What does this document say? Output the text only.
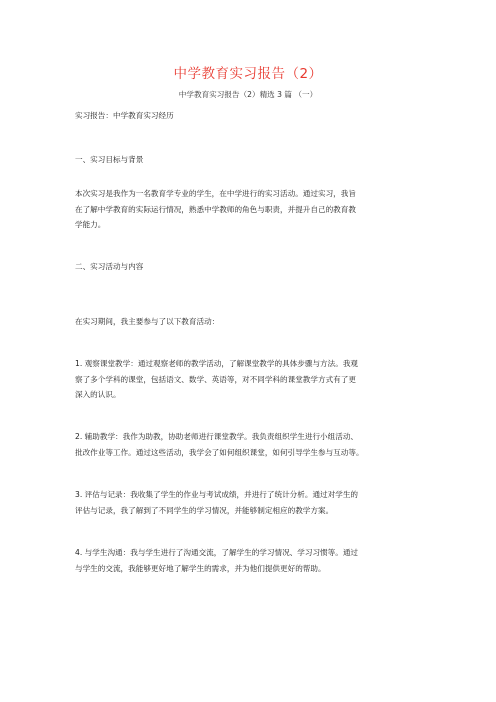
中学教育实习报告（2）
中学教育实习报告（2）精选 3 篇 （一）
实习报告：中学教育实习经历
一、实习目标与背景
本次实习是我作为一名教育学专业的学生，在中学进行的实习活动。通过实习，我旨
在了解中学教育的实际运行情况，熟悉中学教师的角色与职责，并提升自己的教育教
学能力。
二、实习活动与内容
在实习期间，我主要参与了以下教育活动：
1. 观察课堂教学：通过观察老师的教学活动，了解课堂教学的具体步骤与方法。我观
察了多个学科的课堂，包括语文、数学、英语等，对不同学科的课堂教学方式有了更
深入的认识。
2. 辅助教学：我作为助教，协助老师进行课堂教学。我负责组织学生进行小组活动、
批改作业等工作。通过这些活动，我学会了如何组织课堂，如何引导学生参与互动等。
3. 评估与记录：我收集了学生的作业与考试成绩，并进行了统计分析。通过对学生的
评估与记录，我了解到了不同学生的学习情况，并能够制定相应的教学方案。
4. 与学生沟通：我与学生进行了沟通交流，了解学生的学习情况、学习习惯等。通过
与学生的交流，我能够更好地了解学生的需求，并为他们提供更好的帮助。
